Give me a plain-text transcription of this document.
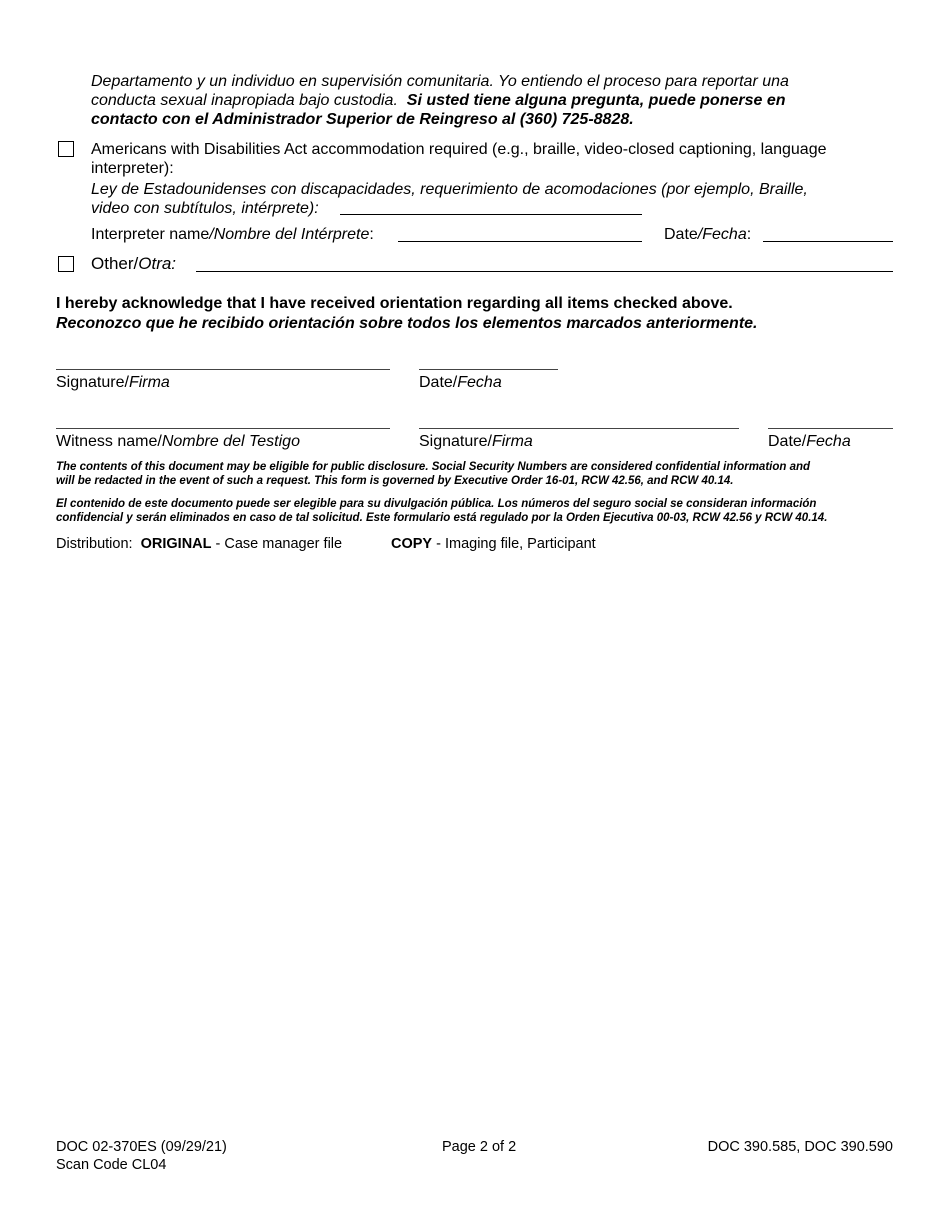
Departamento y un individuo en supervisión comunitaria. Yo entiendo el proceso para reportar una
conducta sexual inapropiada bajo custodia. Si usted tiene alguna pregunta, puede ponerse en
contacto con el Administrador Superior de Reingreso al (360) 725-8828.
Americans with Disabilities Act accommodation required (e.g., braille, video-closed captioning, language
interpreter):
Ley de Estadounidenses con discapacidades, requerimiento de acomodaciones (por ejemplo, Braille,
video con subtítulos, intérprete):
Interpreter name/Nombre del Intérprete:	Date/Fecha:
Other/Otra:
I hereby acknowledge that I have received orientation regarding all items checked above.
Reconozco que he recibido orientación sobre todos los elementos marcados anteriormente.
Signature/Firma	Date/Fecha
Witness name/Nombre del Testigo	Signature/Firma	Date/Fecha
The contents of this document may be eligible for public disclosure. Social Security Numbers are considered confidential information and
will be redacted in the event of such a request. This form is governed by Executive Order 16-01, RCW 42.56, and RCW 40.14.
El contenido de este documento puede ser elegible para su divulgación pública. Los números del seguro social se consideran información
confidencial y serán eliminados en caso de tal solicitud. Este formulario está regulado por la Orden Ejecutiva 00-03, RCW 42.56 y RCW 40.14.
Distribution: ORIGINAL - Case manager file	COPY - Imaging file, Participant
DOC 02-370ES (09/29/21)
Scan Code CL04
Page 2 of 2	DOC 390.585, DOC 390.590
